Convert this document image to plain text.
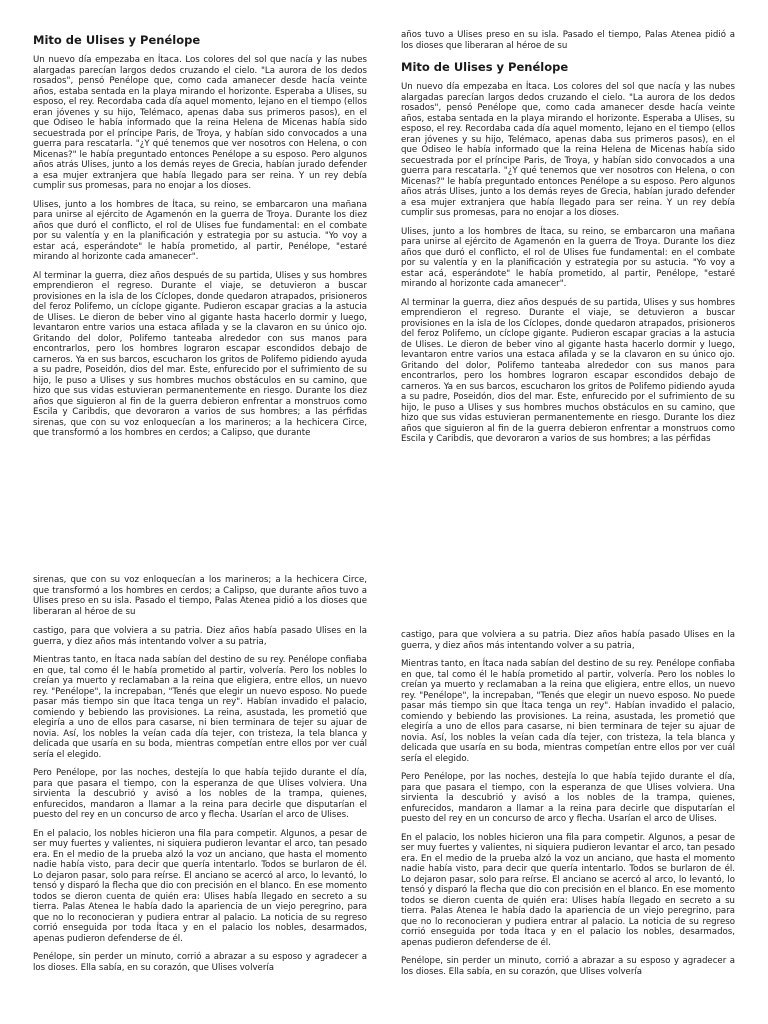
Mito de Ulises y Penélope

Un nuevo día empezaba en Ítaca. Los colores del sol que nacía y las nubes alargadas parecían largos dedos cruzando el cielo. "La aurora de los dedos rosados", pensó Penélope que, como cada amanecer desde hacía veinte años, estaba sentada en la playa mirando el horizonte. Esperaba a Ulises, su esposo, el rey. Recordaba cada día aquel momento, lejano en el tiempo (ellos eran jóvenes y su hijo, Telémaco, apenas daba sus primeros pasos), en el que Odiseo le había informado que la reina Helena de Micenas había sido secuestrada por el príncipe Paris, de Troya, y habían sido convocados a una guerra para rescatarla. "¿Y qué tenemos que ver nosotros con Helena, o con Micenas?" le había preguntado entonces Penélope a su esposo. Pero algunos años atrás Ulises, junto a los demás reyes de Grecia, habían jurado defender a esa mujer extranjera que había llegado para ser reina. Y un rey debía cumplir sus promesas, para no enojar a los dioses.

Ulises, junto a los hombres de Ítaca, su reino, se embarcaron una mañana para unirse al ejército de Agamenón en la guerra de Troya. Durante los diez años que duró el conflicto, el rol de Ulises fue fundamental: en el combate por su valentía y en la planificación y estrategia por su astucia. "Yo voy a estar acá, esperándote" le había prometido, al partir, Penélope, "estaré mirando al horizonte cada amanecer".

Al terminar la guerra, diez años después de su partida, Ulises y sus hombres emprendieron el regreso. Durante el viaje, se detuvieron a buscar provisiones en la isla de los Cíclopes, donde quedaron atrapados, prisioneros del feroz Polifemo, un cíclope gigante. Pudieron escapar gracias a la astucia de Ulises. Le dieron de beber vino al gigante hasta hacerlo dormir y luego, levantaron entre varios una estaca afilada y se la clavaron en su único ojo. Gritando del dolor, Polifemo tanteaba alrededor con sus manos para encontrarlos, pero los hombres lograron escapar escondidos debajo de carneros. Ya en sus barcos, escucharon los gritos de Polifemo pidiendo ayuda a su padre, Poseidón, dios del mar. Este, enfurecido por el sufrimiento de su hijo, le puso a Ulises y sus hombres muchos obstáculos en su camino, que hizo que sus vidas estuvieran permanentemente en riesgo. Durante los diez años que siguieron al fin de la guerra debieron enfrentar a monstruos como Escila y Caribdis, que devoraron a varios de sus hombres; a las pérfidas sirenas, que con su voz enloquecían a los marineros; a la hechicera Circe, que transformó a los hombres en cerdos; a Calipso, que durante

años tuvo a Ulises preso en su isla. Pasado el tiempo, Palas Atenea pidió a los dioses que liberaran al héroe de su

Mito de Ulises y Penélope

Un nuevo día empezaba en Ítaca. Los colores del sol que nacía y las nubes alargadas parecían largos dedos cruzando el cielo. "La aurora de los dedos rosados", pensó Penélope que, como cada amanecer desde hacía veinte años, estaba sentada en la playa mirando el horizonte. Esperaba a Ulises, su esposo, el rey. Recordaba cada día aquel momento, lejano en el tiempo (ellos eran jóvenes y su hijo, Telémaco, apenas daba sus primeros pasos), en el que Odiseo le había informado que la reina Helena de Micenas había sido secuestrada por el príncipe Paris, de Troya, y habían sido convocados a una guerra para rescatarla. "¿Y qué tenemos que ver nosotros con Helena, o con Micenas?" le había preguntado entonces Penélope a su esposo. Pero algunos años atrás Ulises, junto a los demás reyes de Grecia, habían jurado defender a esa mujer extranjera que había llegado para ser reina. Y un rey debía cumplir sus promesas, para no enojar a los dioses.

Ulises, junto a los hombres de Ítaca, su reino, se embarcaron una mañana para unirse al ejército de Agamenón en la guerra de Troya. Durante los diez años que duró el conflicto, el rol de Ulises fue fundamental: en el combate por su valentía y en la planificación y estrategia por su astucia. "Yo voy a estar acá, esperándote" le había prometido, al partir, Penélope, "estaré mirando al horizonte cada amanecer".

Al terminar la guerra, diez años después de su partida, Ulises y sus hombres emprendieron el regreso. Durante el viaje, se detuvieron a buscar provisiones en la isla de los Cíclopes, donde quedaron atrapados, prisioneros del feroz Polifemo, un cíclope gigante. Pudieron escapar gracias a la astucia de Ulises. Le dieron de beber vino al gigante hasta hacerlo dormir y luego, levantaron entre varios una estaca afilada y se la clavaron en su único ojo. Gritando del dolor, Polifemo tanteaba alrededor con sus manos para encontrarlos, pero los hombres lograron escapar escondidos debajo de carneros. Ya en sus barcos, escucharon los gritos de Polifemo pidiendo ayuda a su padre, Poseidón, dios del mar. Este, enfurecido por el sufrimiento de su hijo, le puso a Ulises y sus hombres muchos obstáculos en su camino, que hizo que sus vidas estuvieran permanentemente en riesgo. Durante los diez años que siguieron al fin de la guerra debieron enfrentar a monstruos como Escila y Caribdis, que devoraron a varios de sus hombres; a las pérfidas

sirenas, que con su voz enloquecían a los marineros; a la hechicera Circe, que transformó a los hombres en cerdos; a Calipso, que durante años tuvo a Ulises preso en su isla. Pasado el tiempo, Palas Atenea pidió a los dioses que liberaran al héroe de su

castigo, para que volviera a su patria. Diez años había pasado Ulises en la guerra, y diez años más intentando volver a su patria,

Mientras tanto, en Ítaca nada sabían del destino de su rey. Penélope confiaba en que, tal como él le había prometido al partir, volvería. Pero los nobles lo creían ya muerto y reclamaban a la reina que eligiera, entre ellos, un nuevo rey. "Penélope", la increpaban, "Tenés que elegir un nuevo esposo. No puede pasar más tiempo sin que Ítaca tenga un rey". Habían invadido el palacio, comiendo y bebiendo las provisiones. La reina, asustada, les prometió que elegiría a uno de ellos para casarse, ni bien terminara de tejer su ajuar de novia. Así, los nobles la veían cada día tejer, con tristeza, la tela blanca y delicada que usaría en su boda, mientras competían entre ellos por ver cuál sería el elegido.

Pero Penélope, por las noches, destejía lo que había tejido durante el día, para que pasara el tiempo, con la esperanza de que Ulises volviera. Una sirvienta la descubrió y avisó a los nobles de la trampa, quienes, enfurecidos, mandaron a llamar a la reina para decirle que disputarían el puesto del rey en un concurso de arco y flecha. Usarían el arco de Ulises.

En el palacio, los nobles hicieron una fila para competir. Algunos, a pesar de ser muy fuertes y valientes, ni siquiera pudieron levantar el arco, tan pesado era. En el medio de la prueba alzó la voz un anciano, que hasta el momento nadie había visto, para decir que quería intentarlo. Todos se burlaron de él. Lo dejaron pasar, solo para reírse. El anciano se acercó al arco, lo levantó, lo tensó y disparó la flecha que dio con precisión en el blanco. En ese momento todos se dieron cuenta de quién era: Ulises había llegado en secreto a su tierra. Palas Atenea le había dado la apariencia de un viejo peregrino, para que no lo reconocieran y pudiera entrar al palacio. La noticia de su regreso corrió enseguida por toda Ítaca y en el palacio los nobles, desarmados, apenas pudieron defenderse de él.

Penélope, sin perder un minuto, corrió a abrazar a su esposo y agradecer a los dioses. Ella sabía, en su corazón, que Ulises volvería

castigo, para que volviera a su patria. Diez años había pasado Ulises en la guerra, y diez años más intentando volver a su patria,

Mientras tanto, en Ítaca nada sabían del destino de su rey. Penélope confiaba en que, tal como él le había prometido al partir, volvería. Pero los nobles lo creían ya muerto y reclamaban a la reina que eligiera, entre ellos, un nuevo rey. "Penélope", la increpaban, "Tenés que elegir un nuevo esposo. No puede pasar más tiempo sin que Ítaca tenga un rey". Habían invadido el palacio, comiendo y bebiendo las provisiones. La reina, asustada, les prometió que elegiría a uno de ellos para casarse, ni bien terminara de tejer su ajuar de novia. Así, los nobles la veían cada día tejer, con tristeza, la tela blanca y delicada que usaría en su boda, mientras competían entre ellos por ver cuál sería el elegido.

Pero Penélope, por las noches, destejía lo que había tejido durante el día, para que pasara el tiempo, con la esperanza de que Ulises volviera. Una sirvienta la descubrió y avisó a los nobles de la trampa, quienes, enfurecidos, mandaron a llamar a la reina para decirle que disputarían el puesto del rey en un concurso de arco y flecha. Usarían el arco de Ulises.

En el palacio, los nobles hicieron una fila para competir. Algunos, a pesar de ser muy fuertes y valientes, ni siquiera pudieron levantar el arco, tan pesado era. En el medio de la prueba alzó la voz un anciano, que hasta el momento nadie había visto, para decir que quería intentarlo. Todos se burlaron de él. Lo dejaron pasar, solo para reírse. El anciano se acercó al arco, lo levantó, lo tensó y disparó la flecha que dio con precisión en el blanco. En ese momento todos se dieron cuenta de quién era: Ulises había llegado en secreto a su tierra. Palas Atenea le había dado la apariencia de un viejo peregrino, para que no lo reconocieran y pudiera entrar al palacio. La noticia de su regreso corrió enseguida por toda Ítaca y en el palacio los nobles, desarmados, apenas pudieron defenderse de él.

Penélope, sin perder un minuto, corrió a abrazar a su esposo y agradecer a los dioses. Ella sabía, en su corazón, que Ulises volvería
